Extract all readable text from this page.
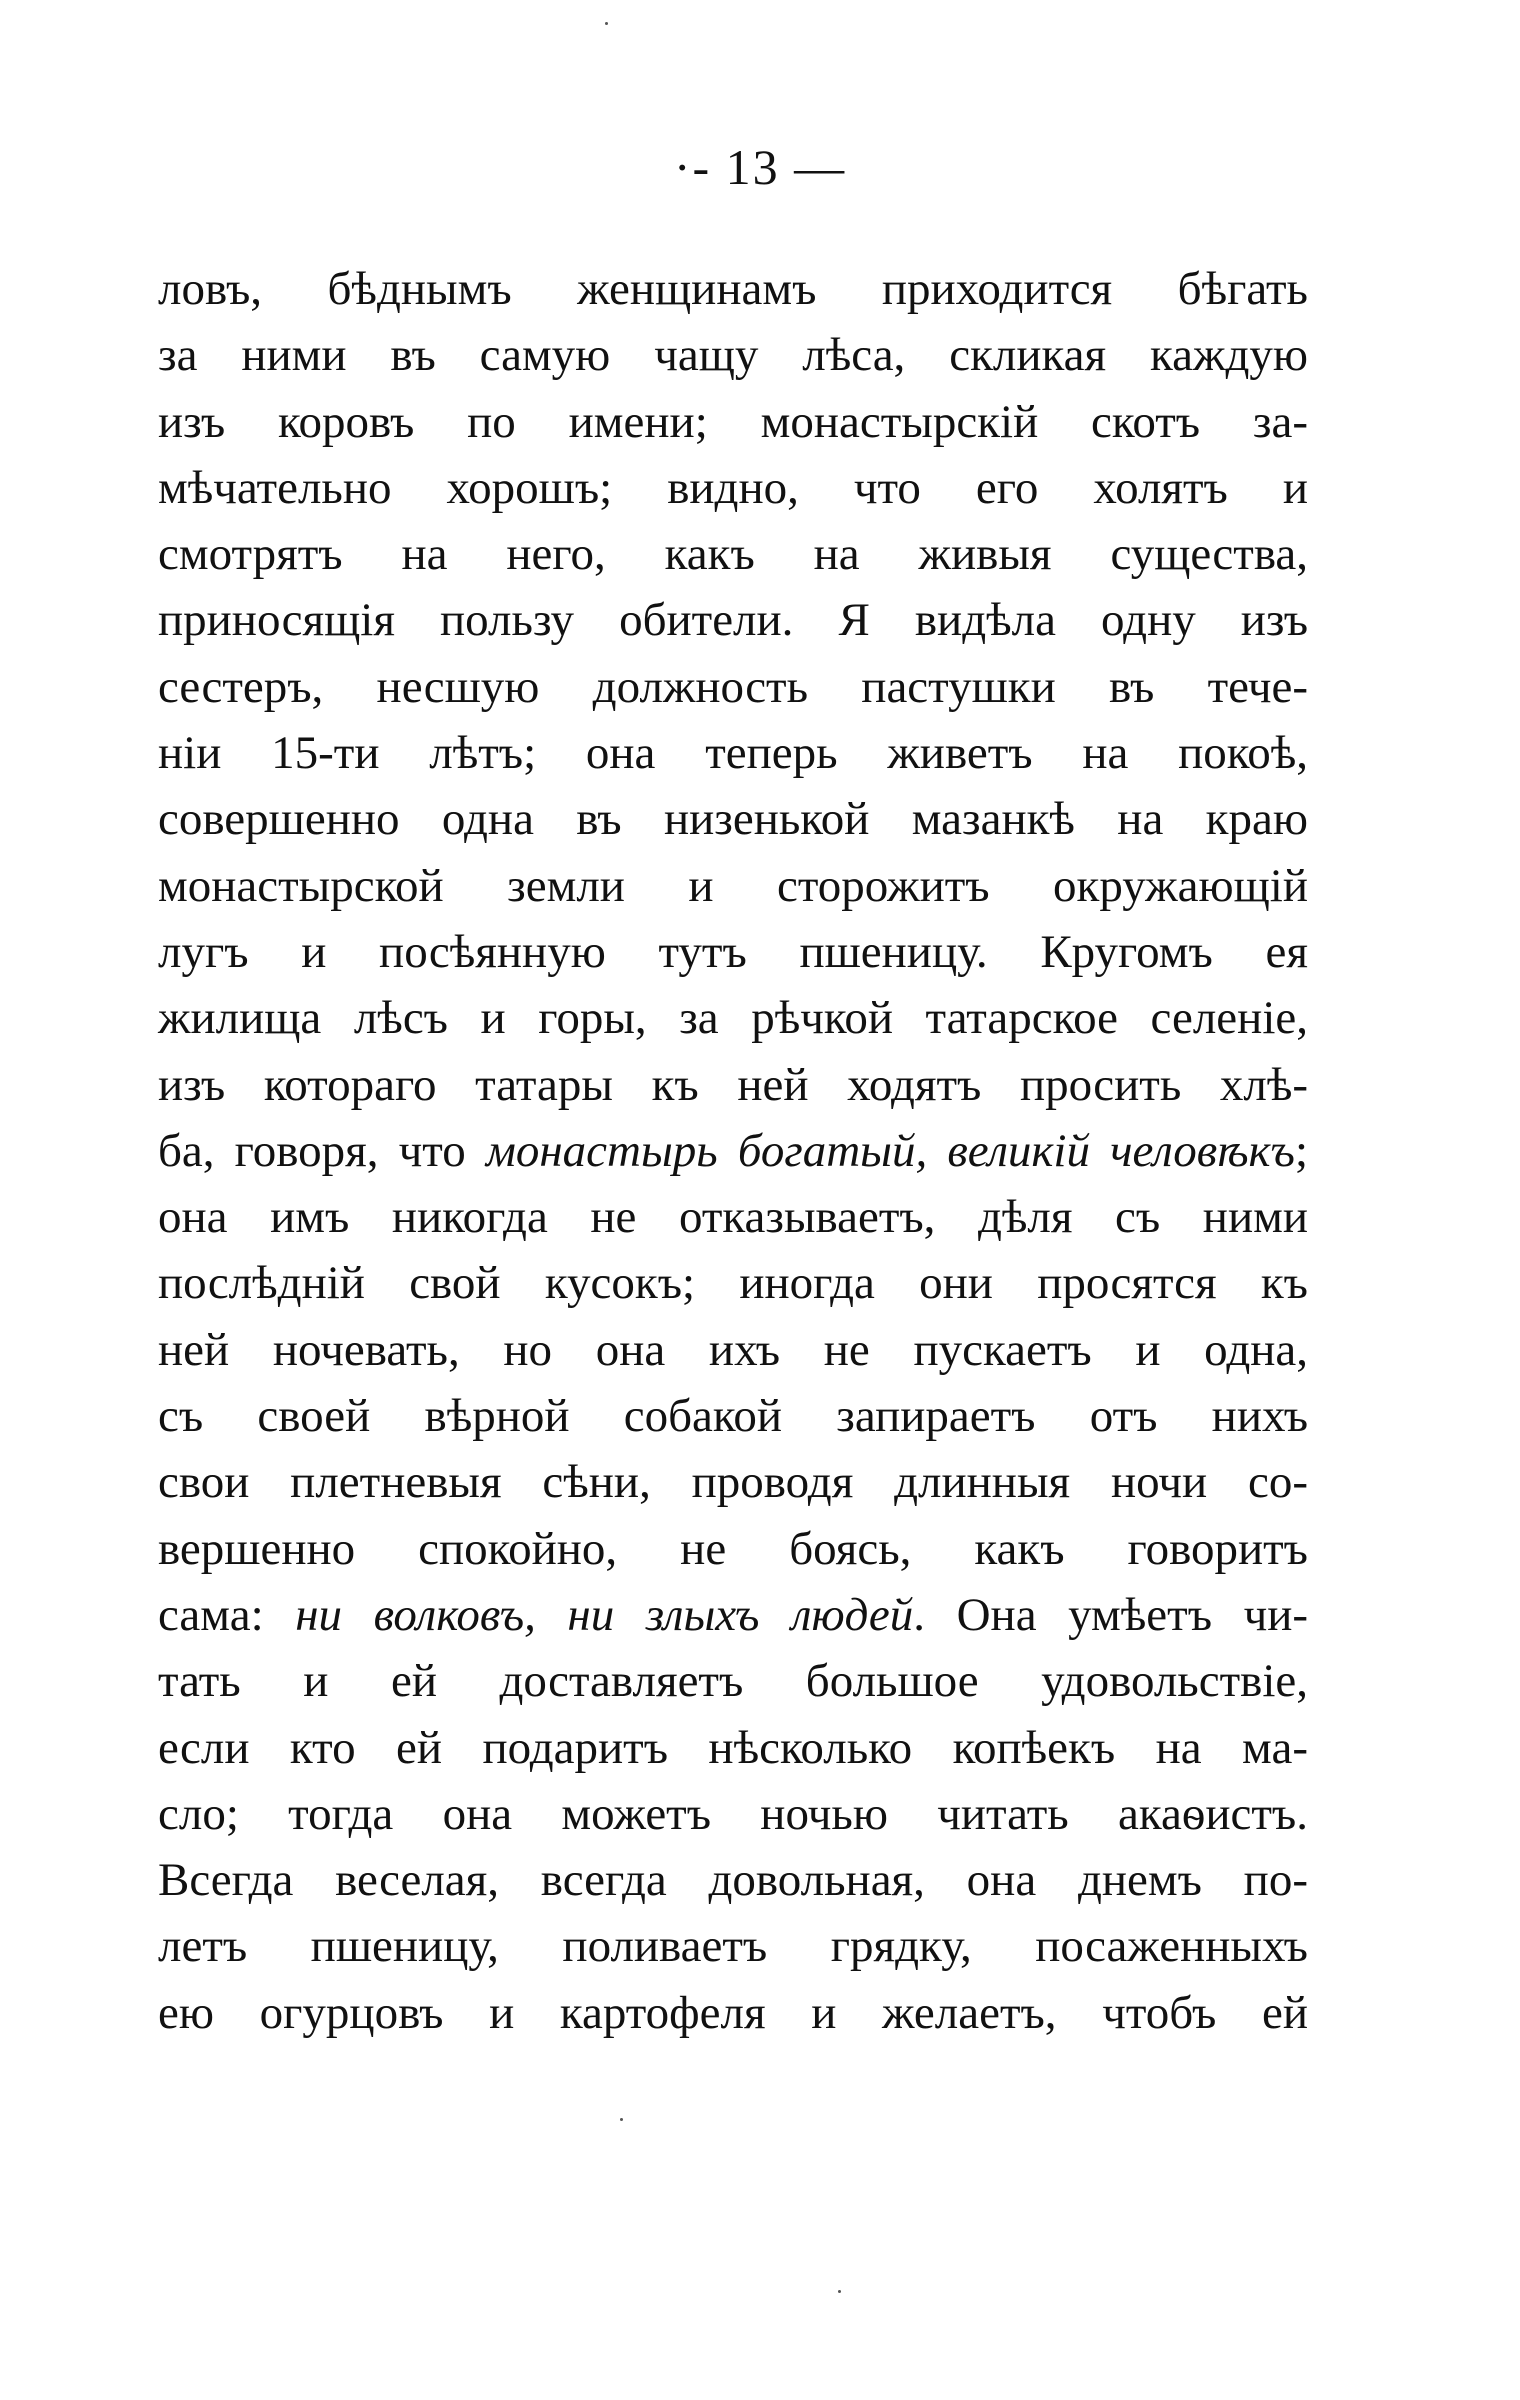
·- 13 —
ловъ, бѣднымъ женщинамъ приходится бѣгать
за ними въ самую чащу лѣса, скликая каждую
изъ коровъ по имени; монастырскій скотъ за-
мѣчательно хорошъ; видно, что его холятъ и
смотрятъ на него, какъ на живыя существа,
приносящія пользу обители. Я видѣла одну изъ
сестеръ, несшую должность пастушки въ тече-
ніи 15-ти лѣтъ; она теперь живетъ на покоѣ,
совершенно одна въ низенькой мазанкѣ на краю
монастырской земли и сторожитъ окружающій
лугъ и посѣянную тутъ пшеницу. Кругомъ ея
жилища лѣсъ и горы, за рѣчкой татарское селеніе,
изъ котораго татары къ ней ходятъ просить хлѣ-
ба, говоря, что монастырь богатый, великій человѣкъ;
она имъ никогда не отказываетъ, дѣля съ ними
послѣдній свой кусокъ; иногда они просятся къ
ней ночевать, но она ихъ не пускаетъ и одна,
съ своей вѣрной собакой запираетъ отъ нихъ
свои плетневыя сѣни, проводя длинныя ночи со-
вершенно спокойно, не боясь, какъ говоритъ
сама: ни волковъ, ни злыхъ людей. Она умѣетъ чи-
тать и ей доставляетъ большое удовольствіе,
если кто ей подаритъ нѣсколько копѣекъ на ма-
сло; тогда она можетъ ночью читать акаѳистъ.
Всегда веселая, всегда довольная, она днемъ по-
летъ пшеницу, поливаетъ грядку, посаженныхъ
ею огурцовъ и картофеля и желаетъ, чтобъ ей
